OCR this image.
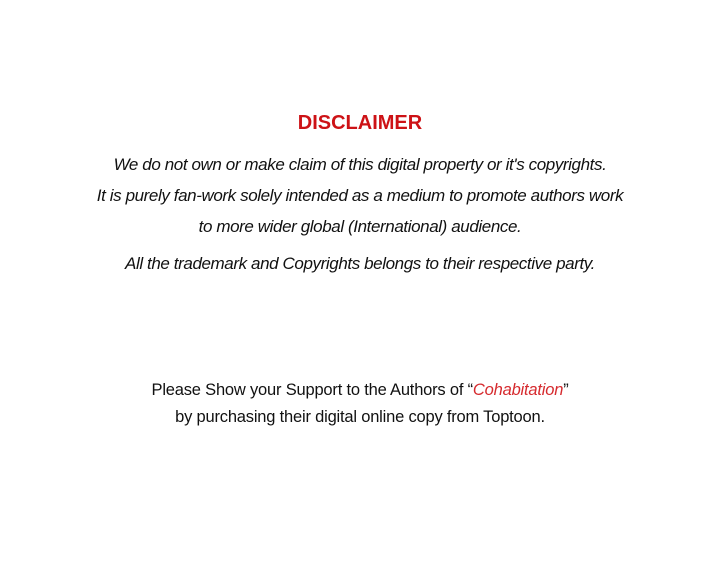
DISCLAIMER
We do not own or make claim of this digital property or it's copyrights.
It is purely fan-work solely intended as a medium to promote authors work
to more wider global (International) audience.
All the trademark and Copyrights belongs to their respective party.
Please Show your Support to the Authors of “Cohabitation”
by purchasing their digital online copy from Toptoon.
